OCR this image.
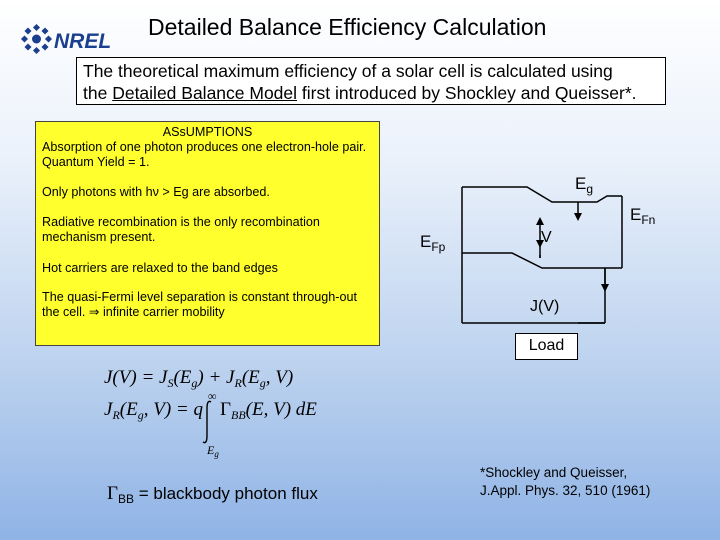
NREL
Detailed Balance Efficiency Calculation
The theoretical maximum efficiency of a solar cell is calculated using
the Detailed Balance Model first introduced by Shockley and Queisser*.

ASsUMPTIONS

Absorption of one photon produces one electron-hole pair. Quantum Yield = 1.

Only photons with hν > Eg are absorbed.

Radiative recombination is the only recombination mechanism present.

Hot carriers are relaxed to the band edges

The quasi-Fermi level separation is constant through-out the cell. ⇒ infinite carrier mobility

$E_g$
$E_{Fn}$
$E_{Fp}$
V
J(V)
Load
$J(V) = J_S(E_g) + J_R(E_g$, V)
$J_R(E_g$, V) = q
∞
$E_g$
$\Gamma_{BB}(E$, V) dE
$\Gamma_{BB}$ = blackbody photon flux
*Shockley and Queisser,
J.Appl. Phys. 32, 510 (1961)
